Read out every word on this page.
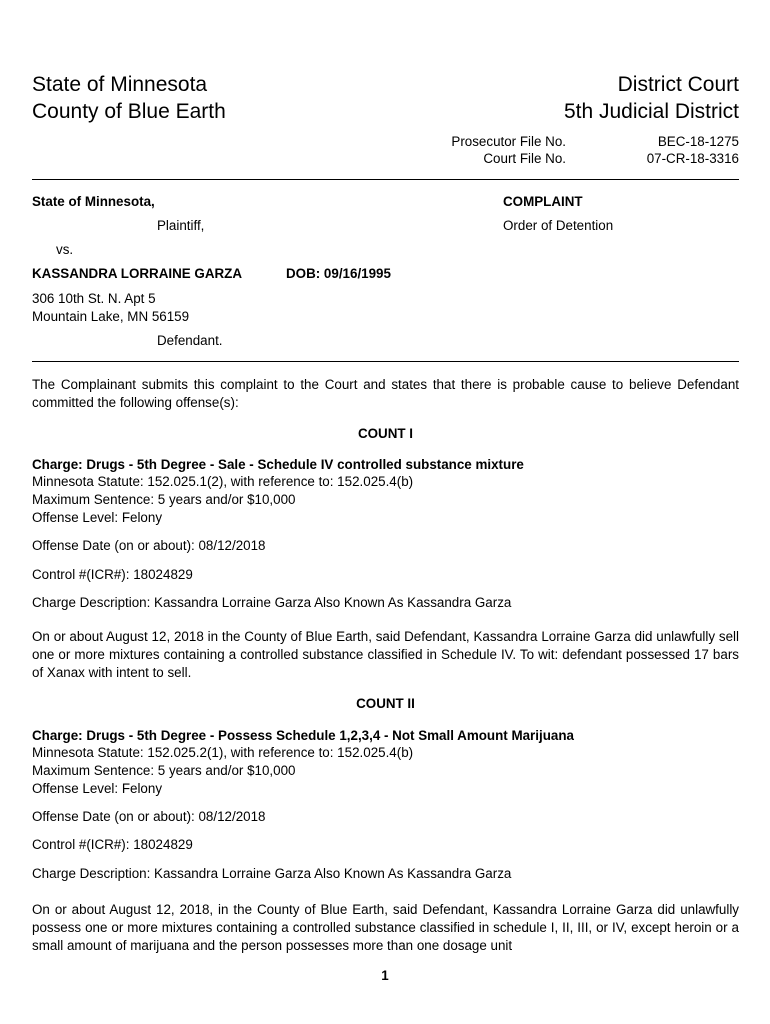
State of Minnesota
County of Blue Earth
District Court
5th Judicial District
Prosecutor File No.	BEC-18-1275
Court File No.	07-CR-18-3316
State of Minnesota,
Plaintiff,
vs.
KASSANDRA LORRAINE GARZA	DOB: 09/16/1995
306 10th St. N. Apt 5
Mountain Lake, MN 56159
Defendant.
COMPLAINT
Order of Detention
The Complainant submits this complaint to the Court and states that there is probable cause to believe Defendant committed the following offense(s):
COUNT I
Charge: Drugs - 5th Degree - Sale - Schedule IV controlled substance mixture
Minnesota Statute: 152.025.1(2), with reference to: 152.025.4(b)
Maximum Sentence: 5 years and/or $10,000
Offense Level: Felony
Offense Date (on or about): 08/12/2018
Control #(ICR#): 18024829
Charge Description: Kassandra Lorraine Garza Also Known As Kassandra Garza
On or about August 12, 2018 in the County of Blue Earth, said Defendant, Kassandra Lorraine Garza did unlawfully sell one or more mixtures containing a controlled substance classified in Schedule IV. To wit: defendant possessed 17 bars of Xanax with intent to sell.
COUNT II
Charge: Drugs - 5th Degree - Possess Schedule 1,2,3,4 - Not Small Amount Marijuana
Minnesota Statute: 152.025.2(1), with reference to: 152.025.4(b)
Maximum Sentence: 5 years and/or $10,000
Offense Level: Felony
Offense Date (on or about): 08/12/2018
Control #(ICR#): 18024829
Charge Description: Kassandra Lorraine Garza Also Known As Kassandra Garza
On or about August 12, 2018, in the County of Blue Earth, said Defendant, Kassandra Lorraine Garza did unlawfully possess one or more mixtures containing a controlled substance classified in schedule I, II, III, or IV, except heroin or a small amount of marijuana and the person possesses more than one dosage unit
1
